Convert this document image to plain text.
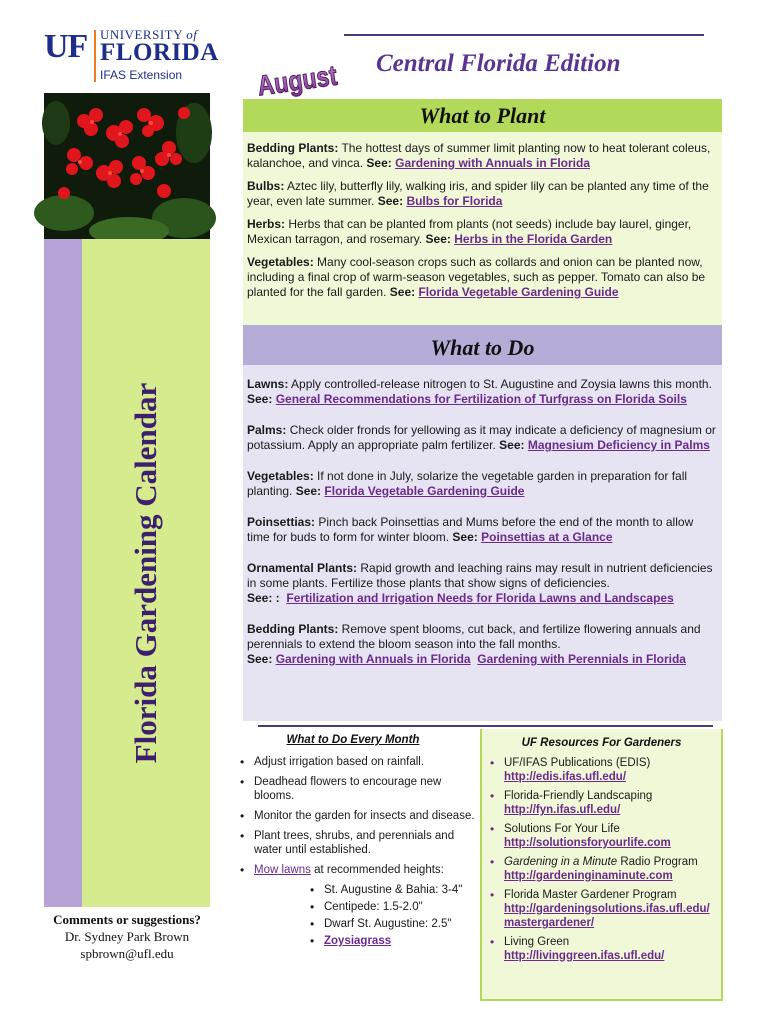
UF UNIVERSITY of
FLORIDA
IFAS Extension
Florida Gardening Calendar
Comments or suggestions?
Dr. Sydney Park Brown
spbrown@ufl.edu
August Central Florida Edition
What to Plant

Bedding Plants: The hottest days of summer limit planting now to heat tolerant coleus, kalanchoe, and vinca. See: Gardening with Annuals in Florida

Bulbs: Aztec lily, butterfly lily, walking iris, and spider lily can be planted any time of the year, even late summer. See: Bulbs for Florida

Herbs: Herbs that can be planted from plants (not seeds) include bay laurel, ginger, Mexican tarragon, and rosemary. See: Herbs in the Florida Garden

Vegetables: Many cool-season crops such as collards and onion can be planted now, including a final crop of warm-season vegetables, such as pepper. Tomato can also be planted for the fall garden. See: Florida Vegetable Gardening Guide

What to Do

Lawns: Apply controlled-release nitrogen to St. Augustine and Zoysia lawns this month. See: General Recommendations for Fertilization of Turfgrass on Florida Soils

Palms: Check older fronds for yellowing as it may indicate a deficiency of magnesium or potassium. Apply an appropriate palm fertilizer. See: Magnesium Deficiency in Palms

Vegetables: If not done in July, solarize the vegetable garden in preparation for fall planting. See: Florida Vegetable Gardening Guide

Poinsettias: Pinch back Poinsettias and Mums before the end of the month to allow time for buds to form for winter bloom. See: Poinsettias at a Glance

Ornamental Plants: Rapid growth and leaching rains may result in nutrient deficiencies in some plants. Fertilize those plants that show signs of deficiencies.
See: : Fertilization and Irrigation Needs for Florida Lawns and Landscapes

Bedding Plants: Remove spent blooms, cut back, and fertilize flowering annuals and perennials to extend the bloom season into the fall months.
See: Gardening with Annuals in Florida Gardening with Perennials in Florida

What to Do Every Month
• Adjust irrigation based on rainfall.
• Deadhead flowers to encourage new blooms.
• Monitor the garden for insects and disease.
• Plant trees, shrubs, and perennials and water until established.
• Mow lawns at recommended heights:
• St. Augustine & Bahia: 3-4"
• Centipede: 1.5-2.0"
• Dwarf St. Augustine: 2.5"
• Zoysiagrass
UF Resources For Gardeners
• UF/IFAS Publications (EDIS)
http://edis.ifas.ufl.edu/
• Florida-Friendly Landscaping
http://fyn.ifas.ufl.edu/
• Solutions For Your Life
http://solutionsforyourlife.com
• Gardening in a Minute Radio Program
http://gardeninginaminute.com
• Florida Master Gardener Program
http://gardeningsolutions.ifas.ufl.edu/mastergardener/
• Living Green
http://livinggreen.ifas.ufl.edu/
